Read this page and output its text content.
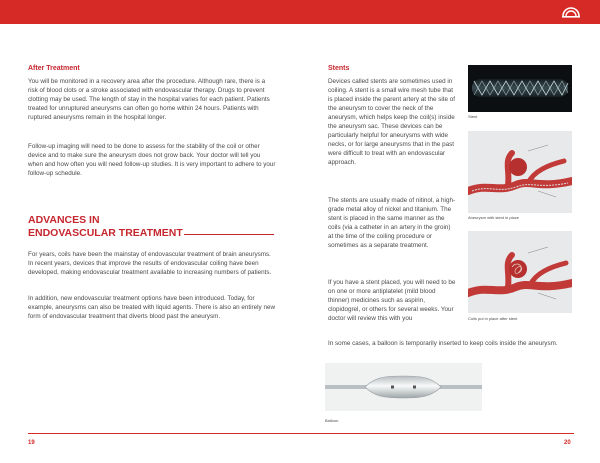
After Treatment

You will be monitored in a recovery area after the procedure. Although rare, there is a risk of blood clots or a stroke associated with endovascular therapy. Drugs to prevent clotting may be used. The length of stay in the hospital varies for each patient. Patients treated for unruptured aneurysms can often go home within 24 hours. Patients with ruptured aneurysms remain in the hospital longer.

Follow-up imaging will need to be done to assess for the stability of the coil or other device and to make sure the aneurysm does not grow back. Your doctor will tell you when and how often you will need follow-up studies. It is very important to adhere to your follow-up schedule.

ADVANCES IN
ENDOVASCULAR TREATMENT

For years, coils have been the mainstay of endovascular treatment of brain aneurysms. In recent years, devices that improve the results of endovascular coiling have been developed, making endovascular treatment available to increasing numbers of patients.

In addition, new endovascular treatment options have been introduced. Today, for example, aneurysms can also be treated with liquid agents. There is also an entirely new form of endovascular treatment that diverts blood past the aneurysm.

Stents

Devices called stents are sometimes used in coiling. A stent is a small wire mesh tube that is placed inside the parent artery at the site of the aneurysm to cover the neck of the aneurysm, which helps keep the coil(s) inside the aneurysm sac. These devices can be particularly helpful for aneurysms with wide necks, or for large aneurysms that in the past were difficult to treat with an endovascular approach.

The stents are usually made of nitinol, a high-grade metal alloy of nickel and titanium. The stent is placed in the same manner as the coils (via a catheter in an artery in the groin) at the time of the coiling procedure or sometimes as a separate treatment.

If you have a stent placed, you will need to be on one or more antiplatelet (mild blood thinner) medicines such as aspirin, clopidogrel, or others for several weeks. Your doctor will review this with you

In some cases, a balloon is temporarily inserted to keep coils inside the aneurysm.

Stent
Aneurysm with stent in place
Coils put in place after stent
Balloon
19	20
